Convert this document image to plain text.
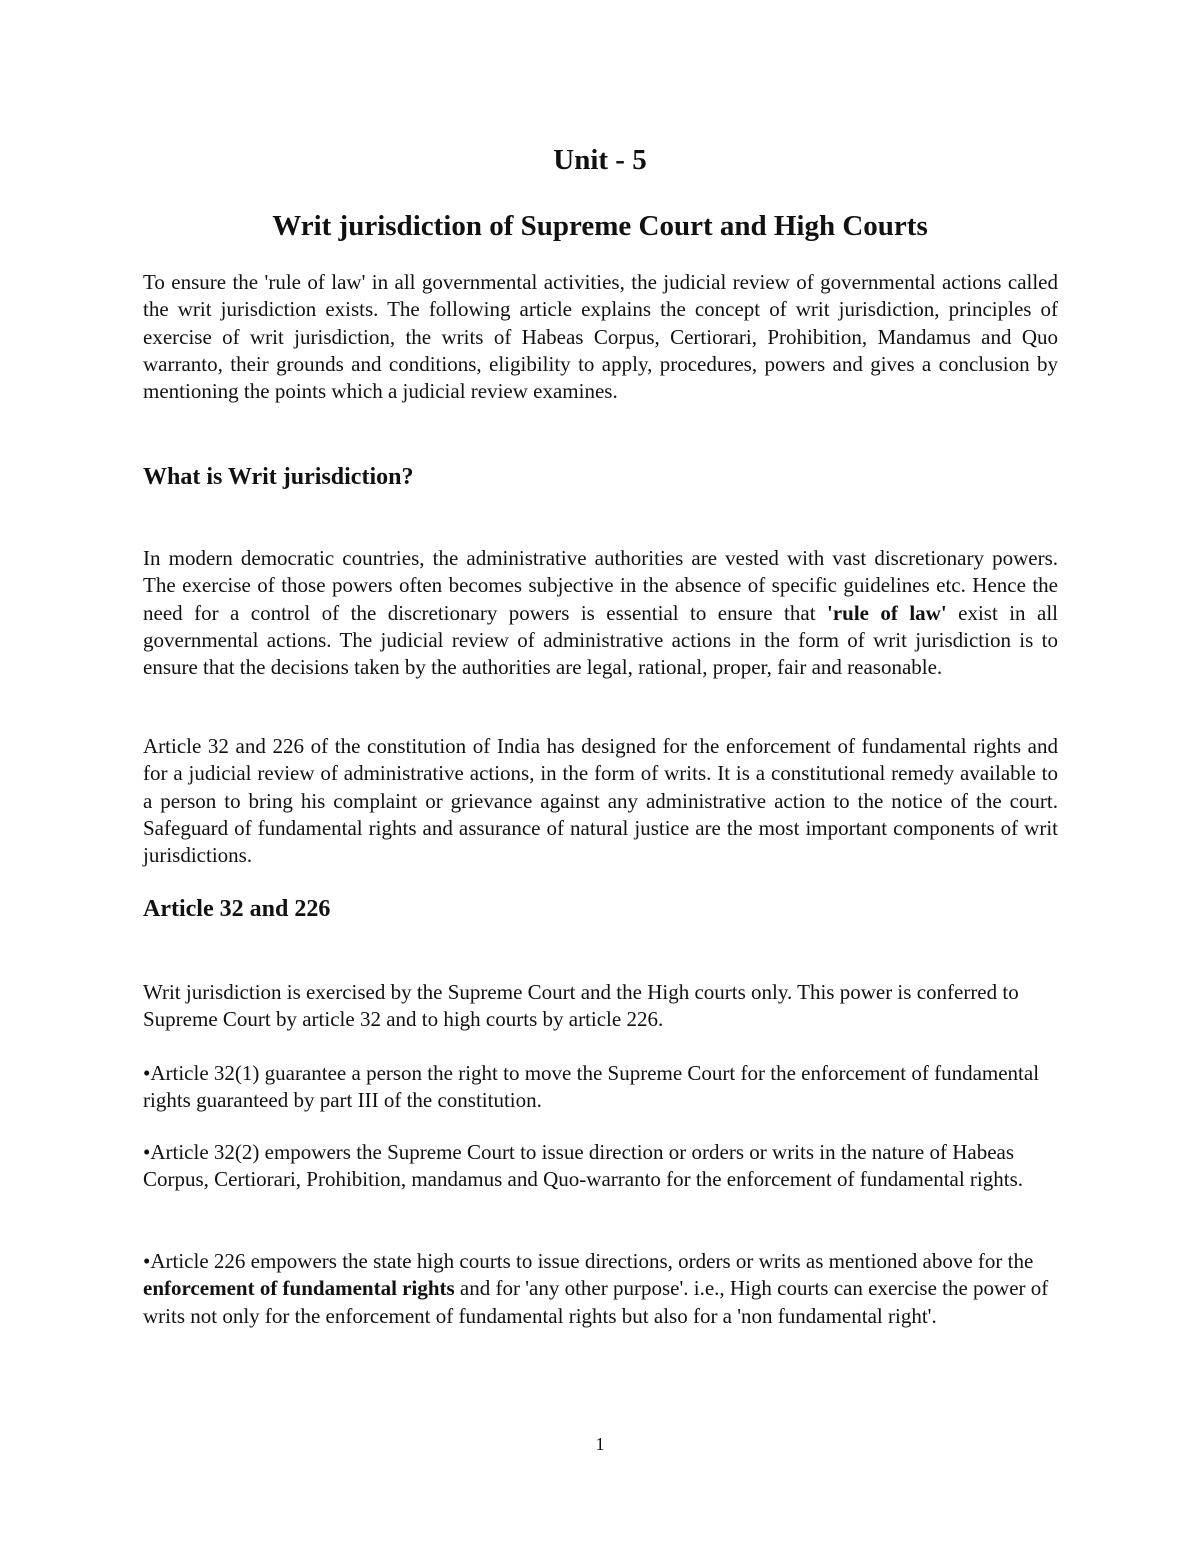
Unit - 5
Writ jurisdiction of Supreme Court and High Courts

To ensure the 'rule of law' in all governmental activities, the judicial review of governmental actions called the writ jurisdiction exists. The following article explains the concept of writ jurisdiction, principles of exercise of writ jurisdiction, the writs of Habeas Corpus, Certiorari, Prohibition, Mandamus and Quo warranto, their grounds and conditions, eligibility to apply, procedures, powers and gives a conclusion by mentioning the points which a judicial review examines.

What is Writ jurisdiction?

In modern democratic countries, the administrative authorities are vested with vast discretionary powers. The exercise of those powers often becomes subjective in the absence of specific guidelines etc. Hence the need for a control of the discretionary powers is essential to ensure that 'rule of law' exist in all governmental actions. The judicial review of administrative actions in the form of writ jurisdiction is to ensure that the decisions taken by the authorities are legal, rational, proper, fair and reasonable.

Article 32 and 226 of the constitution of India has designed for the enforcement of fundamental rights and for a judicial review of administrative actions, in the form of writs. It is a constitutional remedy available to a person to bring his complaint or grievance against any administrative action to the notice of the court. Safeguard of fundamental rights and assurance of natural justice are the most important components of writ jurisdictions.

Article 32 and 226

Writ jurisdiction is exercised by the Supreme Court and the High courts only. This power is conferred to Supreme Court by article 32 and to high courts by article 226.

•Article 32(1) guarantee a person the right to move the Supreme Court for the enforcement of fundamental rights guaranteed by part III of the constitution.

•Article 32(2) empowers the Supreme Court to issue direction or orders or writs in the nature of Habeas Corpus, Certiorari, Prohibition, mandamus and Quo-warranto for the enforcement of fundamental rights.

•Article 226 empowers the state high courts to issue directions, orders or writs as mentioned above for the enforcement of fundamental rights and for 'any other purpose'. i.e., High courts can exercise the power of writs not only for the enforcement of fundamental rights but also for a 'non fundamental right'.

1
